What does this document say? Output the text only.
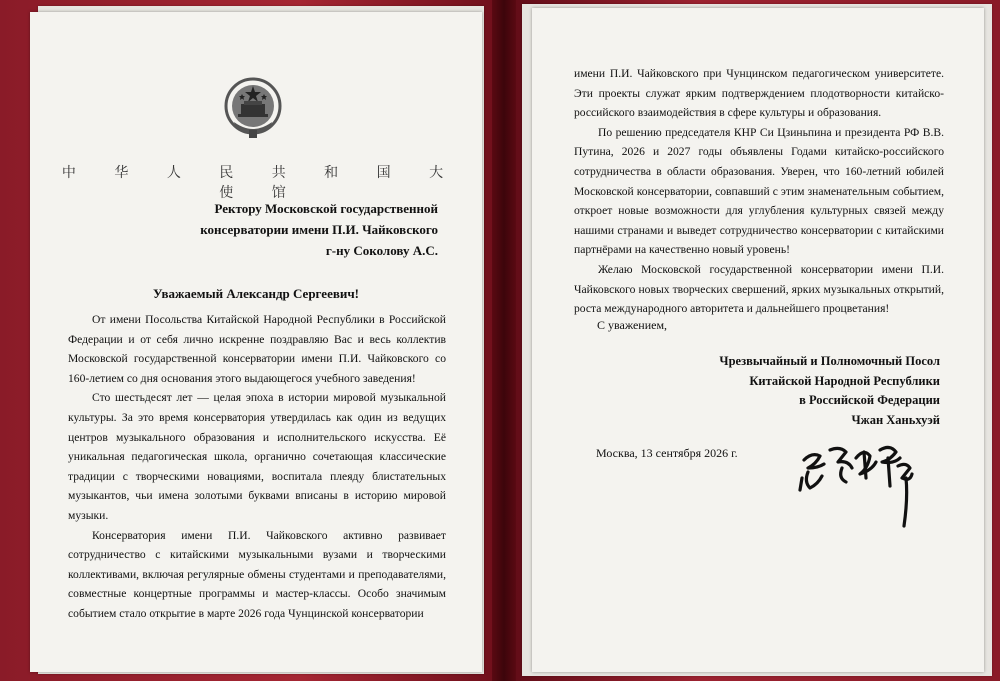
中 华 人 民 共 和 国 大 使 馆
Ректору Московской государственной
консерватории имени П.И. Чайковского
г-ну Соколову А.С.
Уважаемый Александр Сергеевич!

От имени Посольства Китайской Народной Республики в Российской Федерации и от себя лично искренне поздравляю Вас и весь коллектив Московской государственной консерватории имени П.И. Чайковского со 160-летием со дня основания этого выдающегося учебного заведения!

Сто шестьдесят лет — целая эпоха в истории мировой музыкальной культуры. За это время консерватория утвердилась как один из ведущих центров музыкального образования и исполнительского искусства. Её уникальная педагогическая школа, органично сочетающая классические традиции с творческими новациями, воспитала плеяду блистательных музыкантов, чьи имена золотыми буквами вписаны в историю мировой музыки.

Консерватория имени П.И. Чайковского активно развивает сотрудничество с китайскими музыкальными вузами и творческими коллективами, включая регулярные обмены студентами и преподавателями, совместные концертные программы и мастер-классы. Особо значимым событием стало открытие в марте 2026 года Чунцинской консерватории

имени П.И. Чайковского при Чунцинском педагогическом университете. Эти проекты служат ярким подтверждением плодотворности китайско-российского взаимодействия в сфере культуры и образования.

По решению председателя КНР Си Цзиньпина и президента РФ В.В. Путина, 2026 и 2027 годы объявлены Годами китайско-российского сотрудничества в области образования. Уверен, что 160-летний юбилей Московской консерватории, совпавший с этим знаменательным событием, откроет новые возможности для углубления культурных связей между нашими странами и выведет сотрудничество консерватории с китайскими партнёрами на качественно новый уровень!

Желаю Московской государственной консерватории имени П.И. Чайковского новых творческих свершений, ярких музыкальных открытий, роста международного авторитета и дальнейшего процветания!

С уважением,
Чрезвычайный и Полномочный Посол
Китайской Народной Республики
в Российской Федерации
Чжан Ханьхуэй
Москва, 13 сентября 2026 г.
